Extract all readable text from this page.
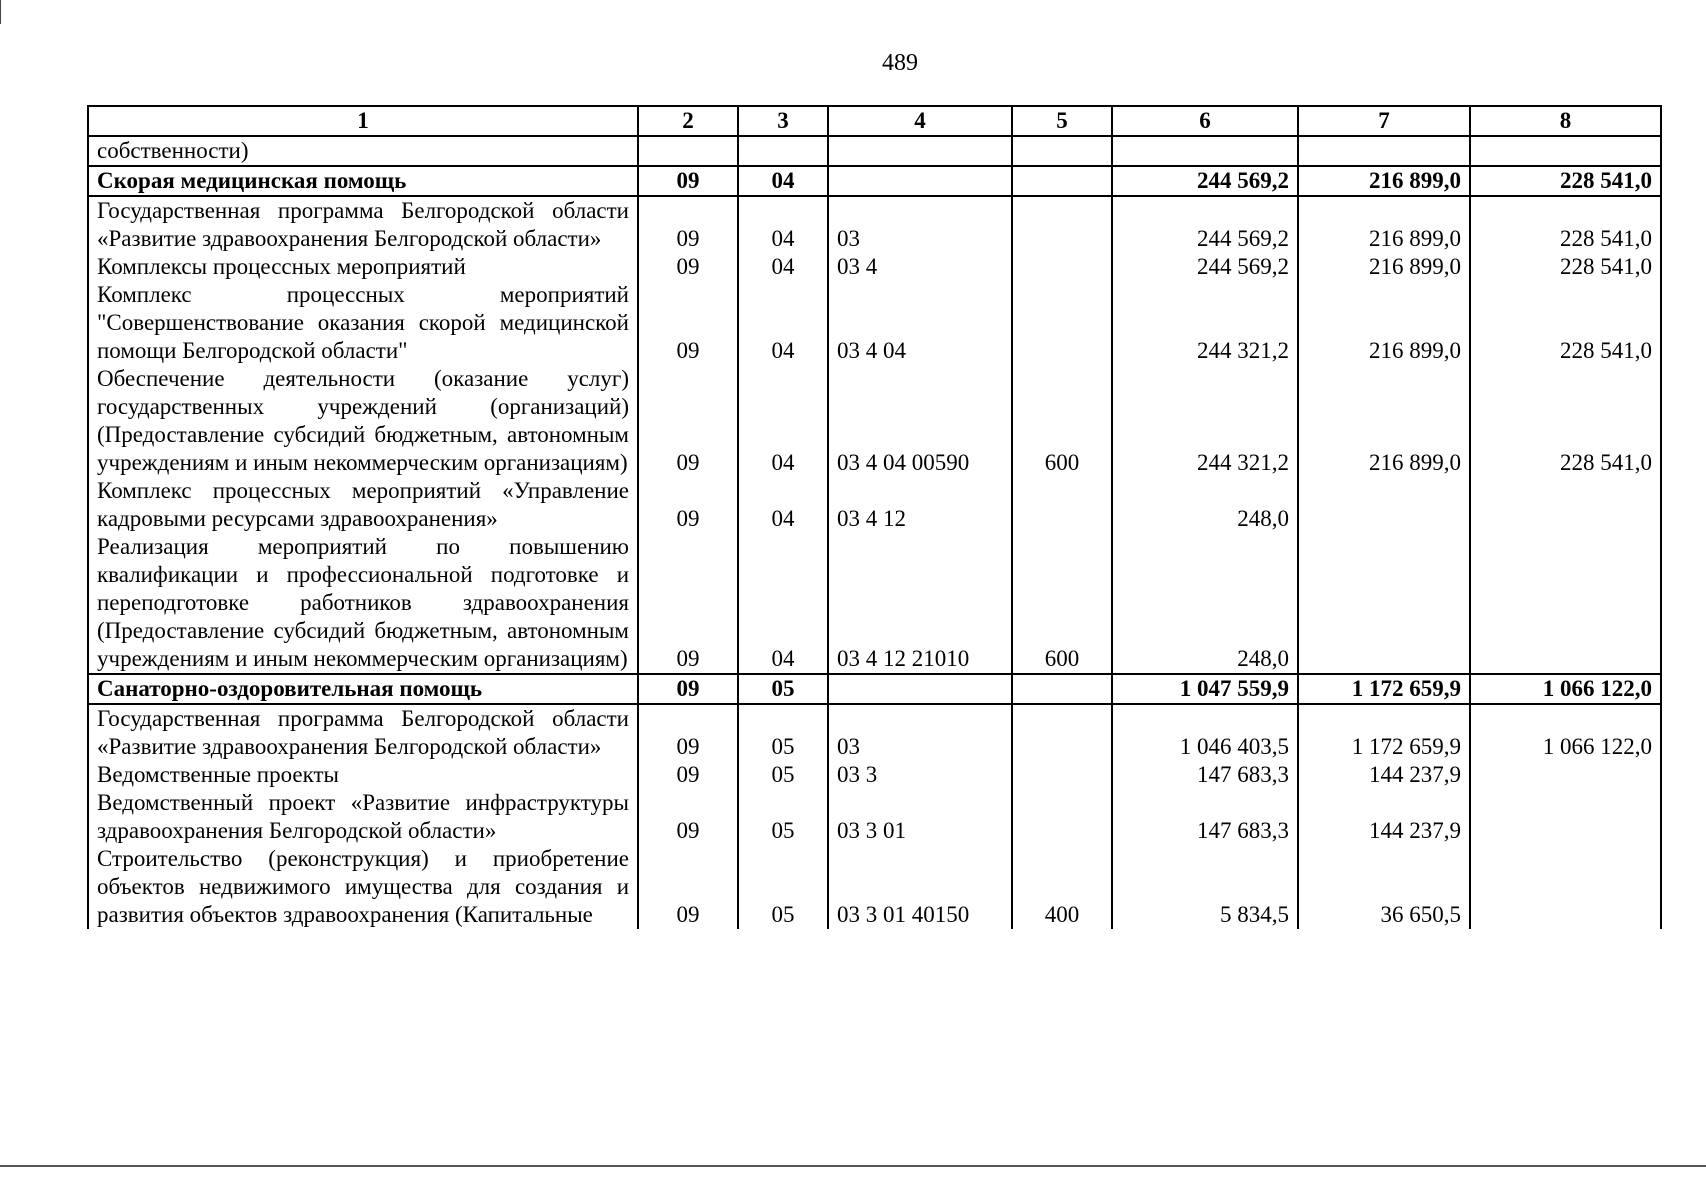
489
1	2	3	4	5	6	7	8
собственности)							
Скорая медицинская помощь	09	04			244 569,2	216 899,0	228 541,0
Государственная программа Белгородской области «Развитие здравоохранения Белгородской области»	09	04	03		244 569,2	216 899,0	228 541,0
Комплексы процессных мероприятий	09	04	03 4		244 569,2	216 899,0	228 541,0
Комплекс процессных мероприятий "Совершенствование оказания скорой медицинской помощи Белгородской области"	09	04	03 4 04		244 321,2	216 899,0	228 541,0
Обеспечение деятельности (оказание услуг) государственных учреждений (организаций) (Предоставление субсидий бюджетным, автономным учреждениям и иным некоммерческим организациям)	09	04	03 4 04 00590	600	244 321,2	216 899,0	228 541,0
Комплекс процессных мероприятий «Управление кадровыми ресурсами здравоохранения»	09	04	03 4 12		248,0		
Реализация мероприятий по повышению квалификации и профессиональной подготовке и переподготовке работников здравоохранения (Предоставление субсидий бюджетным, автономным учреждениям и иным некоммерческим организациям)	09	04	03 4 12 21010	600	248,0		
Санаторно-оздоровительная помощь	09	05			1 047 559,9	1 172 659,9	1 066 122,0
Государственная программа Белгородской области «Развитие здравоохранения Белгородской области»	09	05	03		1 046 403,5	1 172 659,9	1 066 122,0
Ведомственные проекты	09	05	03 3		147 683,3	144 237,9	
Ведомственный проект «Развитие инфраструктуры здравоохранения Белгородской области»	09	05	03 3 01		147 683,3	144 237,9	
Строительство (реконструкция) и приобретение объектов недвижимого имущества для создания и развития объектов здравоохранения (Капитальные	09	05	03 3 01 40150	400	5 834,5	36 650,5	
